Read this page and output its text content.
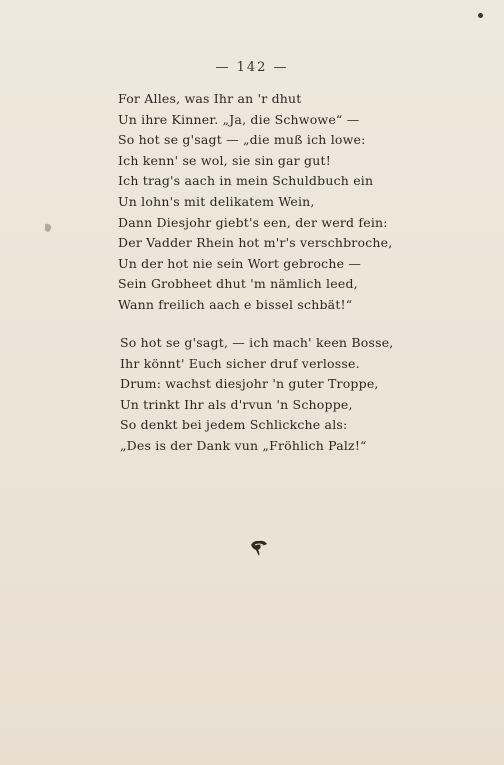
— 142 —
For Alles, was Ihr an 'r dhut
Un ihre Kinner. „Ja, die Schwowe“ —
So hot se g'sagt — „die muß ich lowe:
Ich kenn' se wol, sie sin gar gut!
Ich trag's aach in mein Schuldbuch ein
Un lohn's mit delikatem Wein,
Dann Diesjohr giebt's een, der werd fein:
Der Vadder Rhein hot m'r's verschbroche,
Un der hot nie sein Wort gebroche —
Sein Grobheet dhut 'm nämlich leed,
Wann freilich aach e bissel schbät!“
So hot se g'sagt, — ich mach' keen Bosse,
Ihr könnt' Euch sicher druf verlosse.
Drum: wachst diesjohr 'n guter Troppe,
Un trinkt Ihr als d'rvun 'n Schoppe,
So denkt bei jedem Schlickche als:
„Des is der Dank vun „Fröhlich Palz!“
